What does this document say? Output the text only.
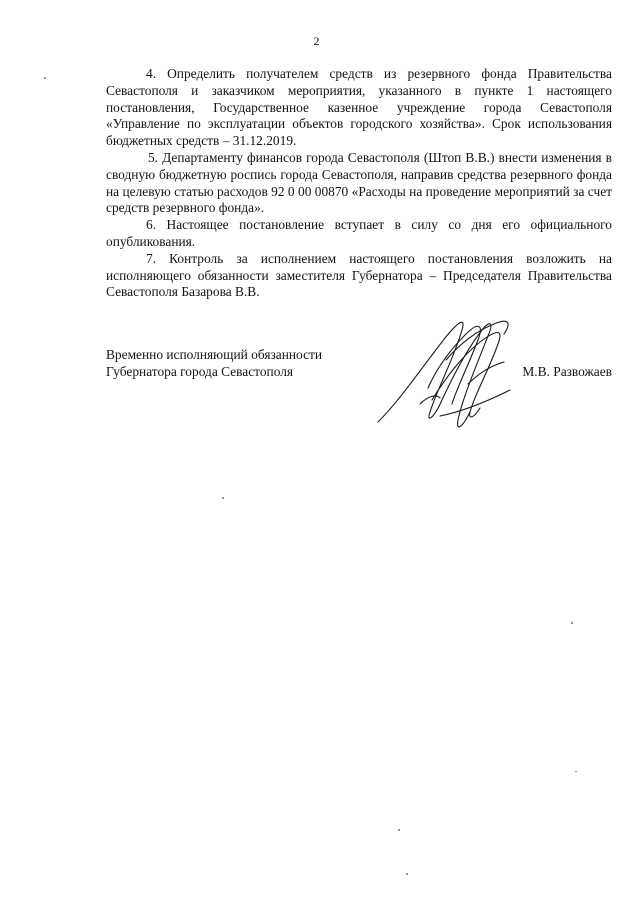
2

4. Определить получателем средств из резервного фонда Правительства Севастополя и заказчиком мероприятия, указанного в пункте 1 настоящего постановления, Государственное казенное учреждение города Севастополя «Управление по эксплуатации объектов городского хозяйства». Срок использования бюджетных средств – 31.12.2019.

5. Департаменту финансов города Севастополя (Штоп В.В.) внести изменения в сводную бюджетную роспись города Севастополя, направив средства резервного фонда на целевую статью расходов 92 0 00 00870 «Расходы на проведение мероприятий за счет средств резервного фонда».

6. Настоящее постановление вступает в силу со дня его официального опубликования.

7. Контроль за исполнением настоящего постановления возложить на исполняющего обязанности заместителя Губернатора – Председателя Правительства Севастополя Базарова В.В.

Временно исполняющий обязанности
Губернатора города Севастополя	М.В. Развожаев
